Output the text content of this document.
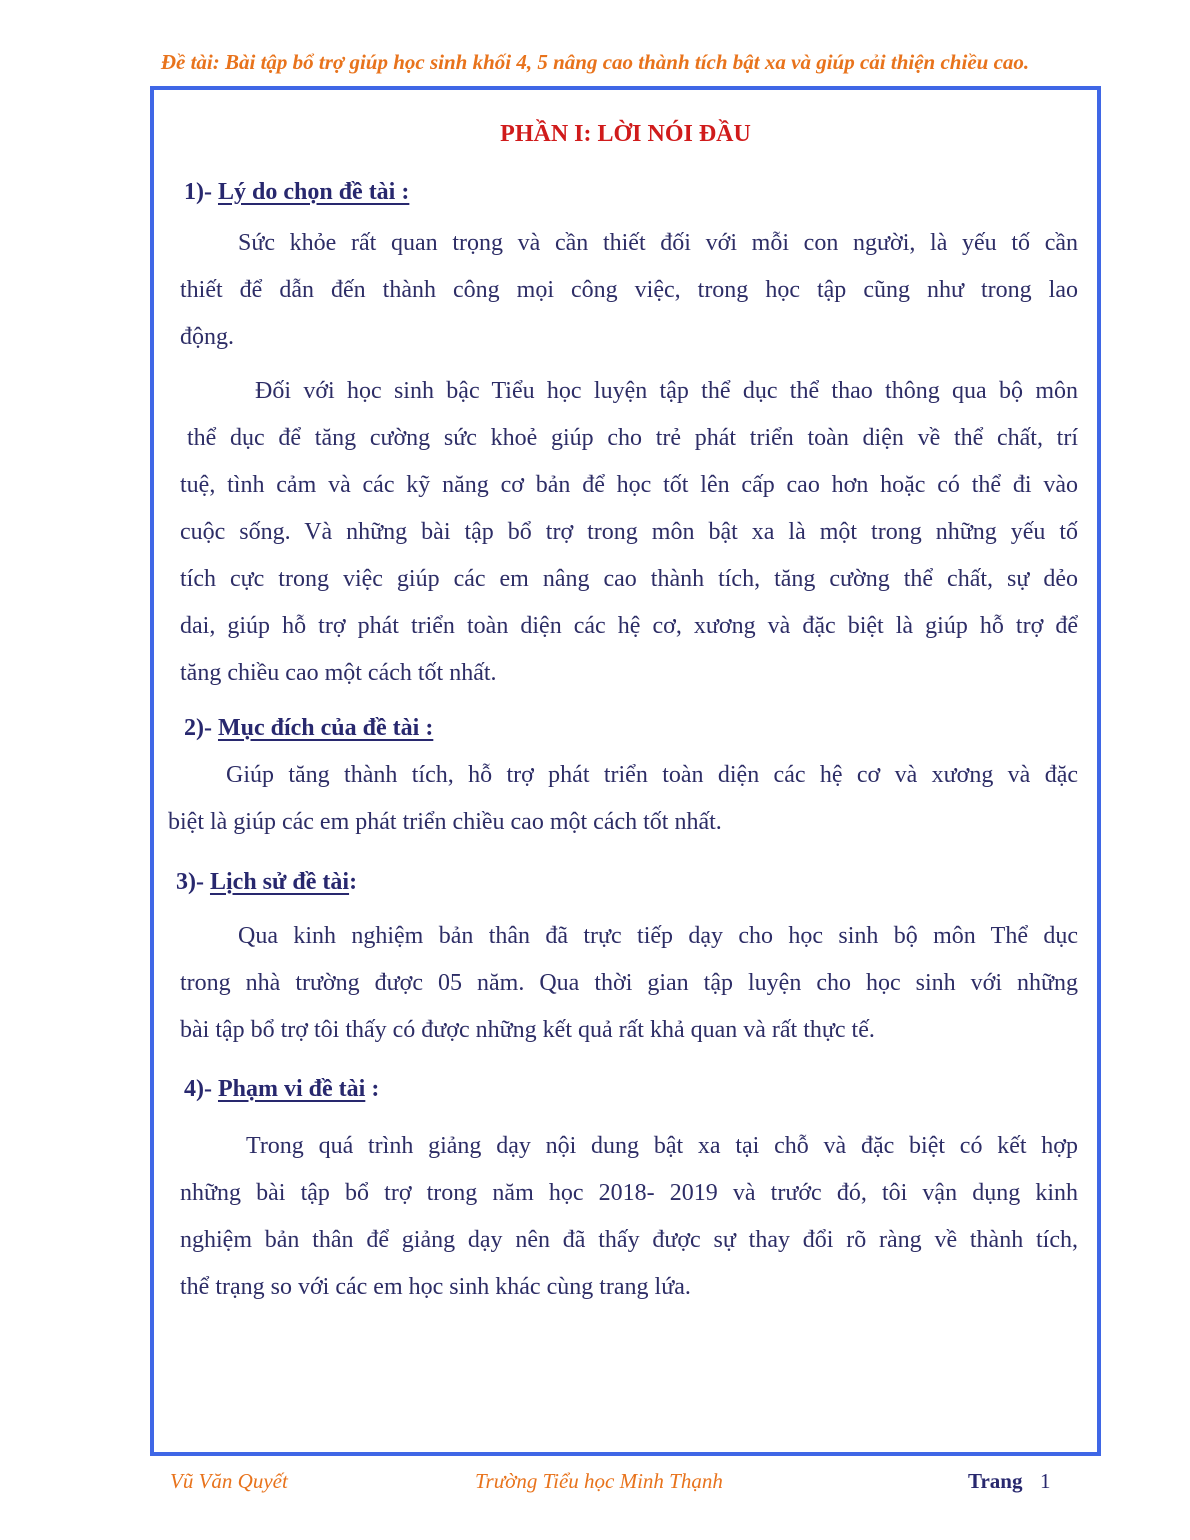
Đề tài: Bài tập bổ trợ giúp học sinh khối 4, 5 nâng cao thành tích bật xa và giúp cải thiện chiều cao.
PHẦN I: LỜI NÓI ĐẦU
1)- Lý do chọn đề tài :
Sức khỏe rất quan trọng và cần thiết đối với mỗi con người, là yếu tố cần
thiết để dẫn đến thành công mọi công việc, trong học tập cũng như trong lao
động.
Đối với học sinh bậc Tiểu học luyện tập thể dục thể thao thông qua bộ môn
thể dục để tăng cường sức khoẻ giúp cho trẻ phát triển toàn diện về thể chất, trí
tuệ, tình cảm và các kỹ năng cơ bản để học tốt lên cấp cao hơn hoặc có thể đi vào
cuộc sống. Và những bài tập bổ trợ trong môn bật xa là một trong những yếu tố
tích cực trong việc giúp các em nâng cao thành tích, tăng cường thể chất, sự dẻo
dai, giúp hỗ trợ phát triển toàn diện các hệ cơ, xương và đặc biệt là giúp hỗ trợ để
tăng chiều cao một cách tốt nhất.
2)- Mục đích của đề tài :
Giúp tăng thành tích, hỗ trợ phát triển toàn diện các hệ cơ và xương và đặc
biệt là giúp các em phát triển chiều cao một cách tốt nhất.
3)- Lịch sử đề tài:
Qua kinh nghiệm bản thân đã trực tiếp dạy cho học sinh bộ môn Thể dục
trong nhà trường được 05 năm. Qua thời gian tập luyện cho học sinh với những
bài tập bổ trợ tôi thấy có được những kết quả rất khả quan và rất thực tế.
4)- Phạm vi đề tài :
Trong quá trình giảng dạy nội dung bật xa tại chỗ và đặc biệt có kết hợp
những bài tập bổ trợ trong năm học 2018- 2019 và trước đó, tôi vận dụng kinh
nghiệm bản thân để giảng dạy nên đã thấy được sự thay đổi rõ ràng về thành tích,
thể trạng so với các em học sinh khác cùng trang lứa.
Vũ Văn Quyết	Trường Tiểu học Minh Thạnh	Trang 1
